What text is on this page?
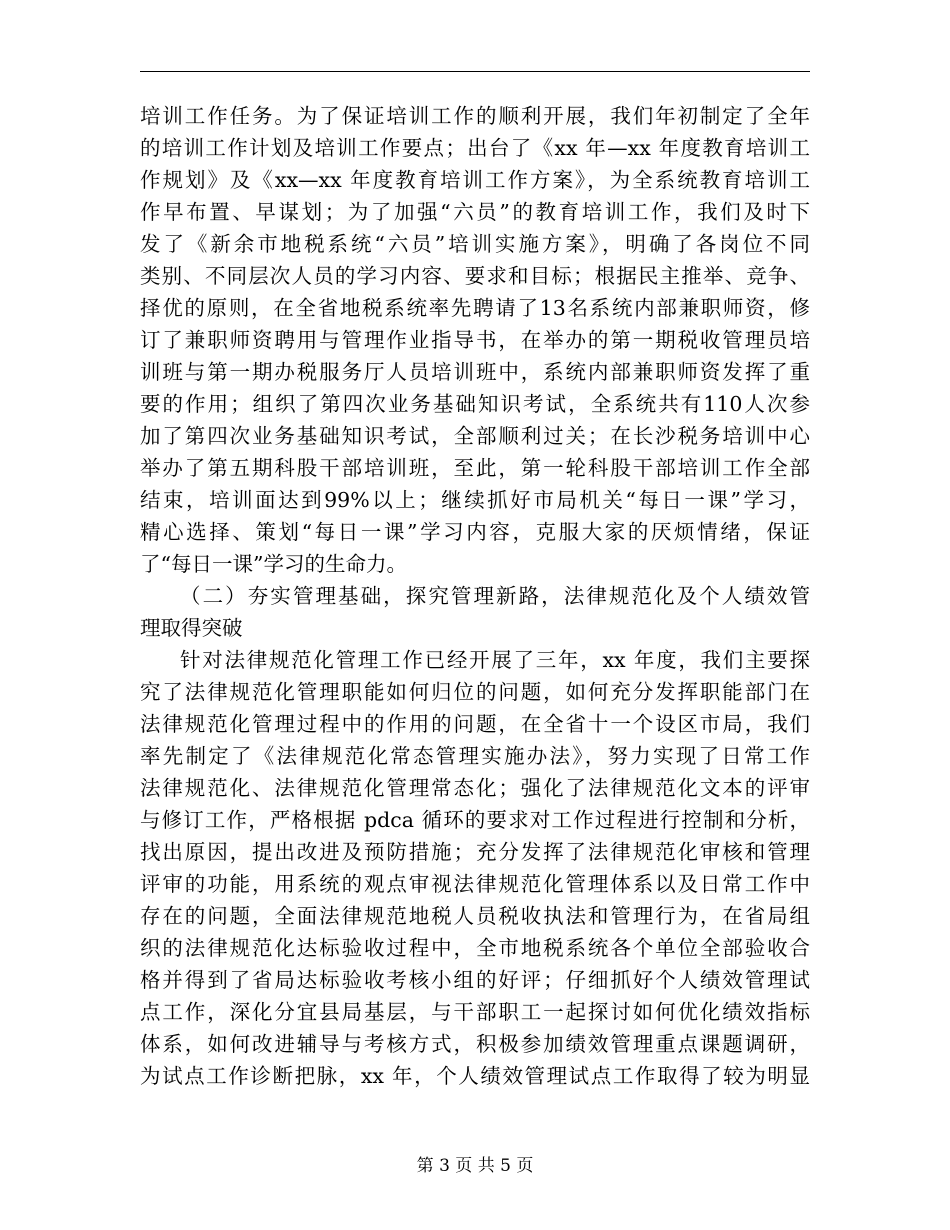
培训工作任务。为了保证培训工作的顺利开展，我们年初制定了全年
的培训工作计划及培训工作要点；出台了《xx 年—xx 年度教育培训工
作规划》及《xx—xx 年度教育培训工作方案》，为全系统教育培训工
作早布置、早谋划；为了加强“六员”的教育培训工作，我们及时下
发了《新余市地税系统“六员”培训实施方案》，明确了各岗位不同
类别、不同层次人员的学习内容、要求和目标；根据民主推举、竞争、
择优的原则，在全省地税系统率先聘请了13名系统内部兼职师资，修
订了兼职师资聘用与管理作业指导书，在举办的第一期税收管理员培
训班与第一期办税服务厅人员培训班中，系统内部兼职师资发挥了重
要的作用；组织了第四次业务基础知识考试，全系统共有110人次参
加了第四次业务基础知识考试，全部顺利过关；在长沙税务培训中心
举办了第五期科股干部培训班，至此，第一轮科股干部培训工作全部
结束，培训面达到99%以上；继续抓好市局机关“每日一课”学习，
精心选择、策划“每日一课”学习内容，克服大家的厌烦情绪，保证
了“每日一课”学习的生命力。
（二）夯实管理基础，探究管理新路，法律规范化及个人绩效管
理取得突破
针对法律规范化管理工作已经开展了三年，xx 年度，我们主要探
究了法律规范化管理职能如何归位的问题，如何充分发挥职能部门在
法律规范化管理过程中的作用的问题，在全省十一个设区市局，我们
率先制定了《法律规范化常态管理实施办法》，努力实现了日常工作
法律规范化、法律规范化管理常态化；强化了法律规范化文本的评审
与修订工作，严格根据 pdca 循环的要求对工作过程进行控制和分析，
找出原因，提出改进及预防措施；充分发挥了法律规范化审核和管理
评审的功能，用系统的观点审视法律规范化管理体系以及日常工作中
存在的问题，全面法律规范地税人员税收执法和管理行为，在省局组
织的法律规范化达标验收过程中，全市地税系统各个单位全部验收合
格并得到了省局达标验收考核小组的好评；仔细抓好个人绩效管理试
点工作，深化分宜县局基层，与干部职工一起探讨如何优化绩效指标
体系，如何改进辅导与考核方式，积极参加绩效管理重点课题调研，
为试点工作诊断把脉，xx 年，个人绩效管理试点工作取得了较为明显
第 3 页 共 5 页
